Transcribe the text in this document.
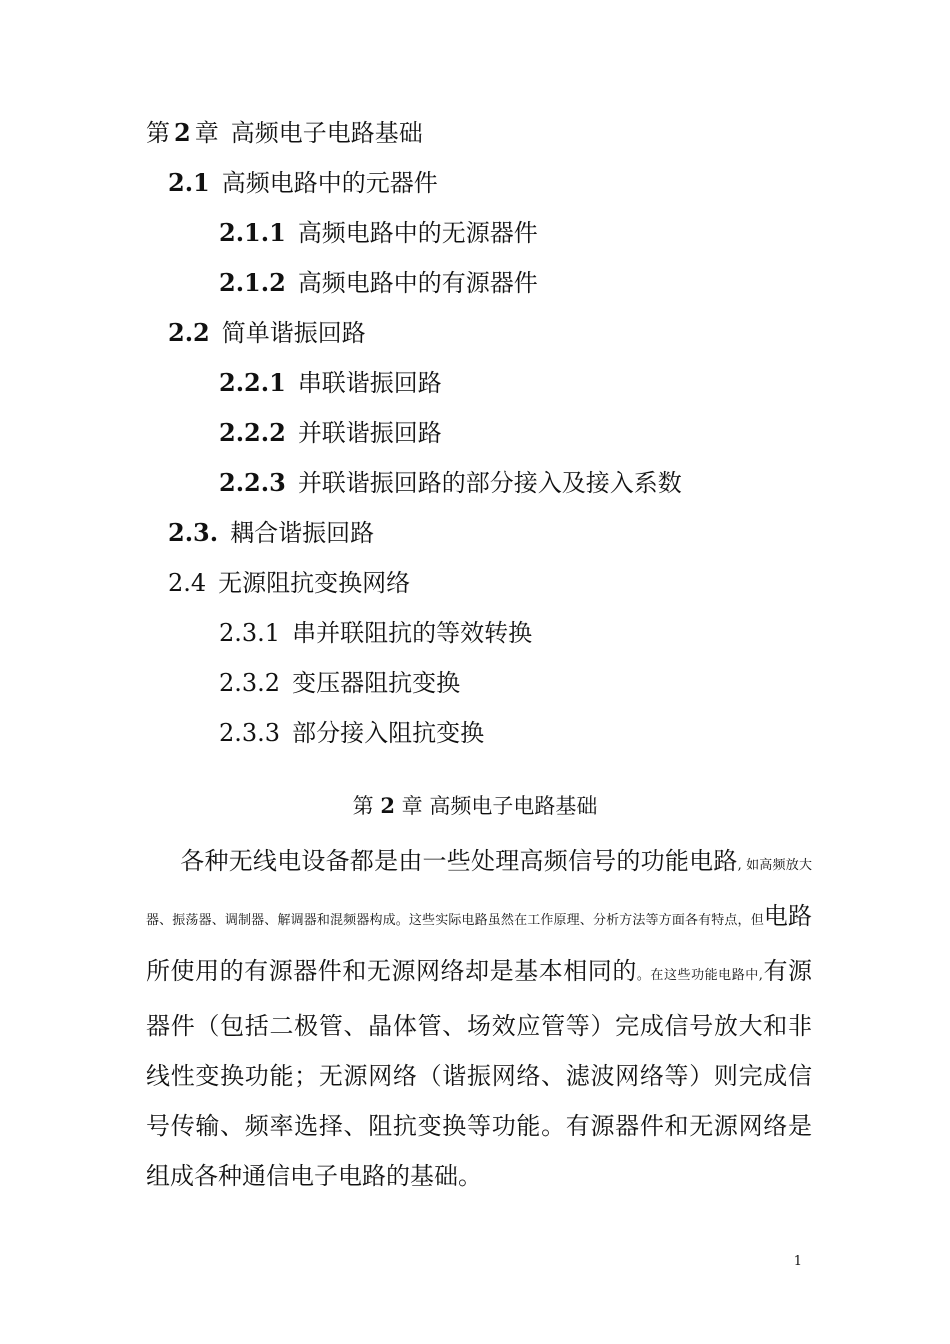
第 2 章 高频电子电路基础
2.1 高频电路中的元器件
2.1.1 高频电路中的无源器件
2.1.2 高频电路中的有源器件
2.2 简单谐振回路
2.2.1 串联谐振回路
2.2.2 并联谐振回路
2.2.3 并联谐振回路的部分接入及接入系数
2.3. 耦合谐振回路
2.4 无源阻抗变换网络
2.3.1 串并联阻抗的等效转换
2.3.2 变压器阻抗变换
2.3.3 部分接入阻抗变换
第 2 章 高频电子电路基础
各种无线电设备都是由一些处理高频信号的功能电路, 如高频放大器、振荡器、调制器、解调器和混频器构成。这些实际电路虽然在工作原理、分析方法等方面各有特点，但电路所使用的有源器件和无源网络却是基本相同的。在这些功能电路中,有源器件（包括二极管、晶体管、场效应管等）完成信号放大和非线性变换功能；无源网络（谐振网络、滤波网络等）则完成信号传输、频率选择、阻抗变换等功能。有源器件和无源网络是组成各种通信电子电路的基础。
1
